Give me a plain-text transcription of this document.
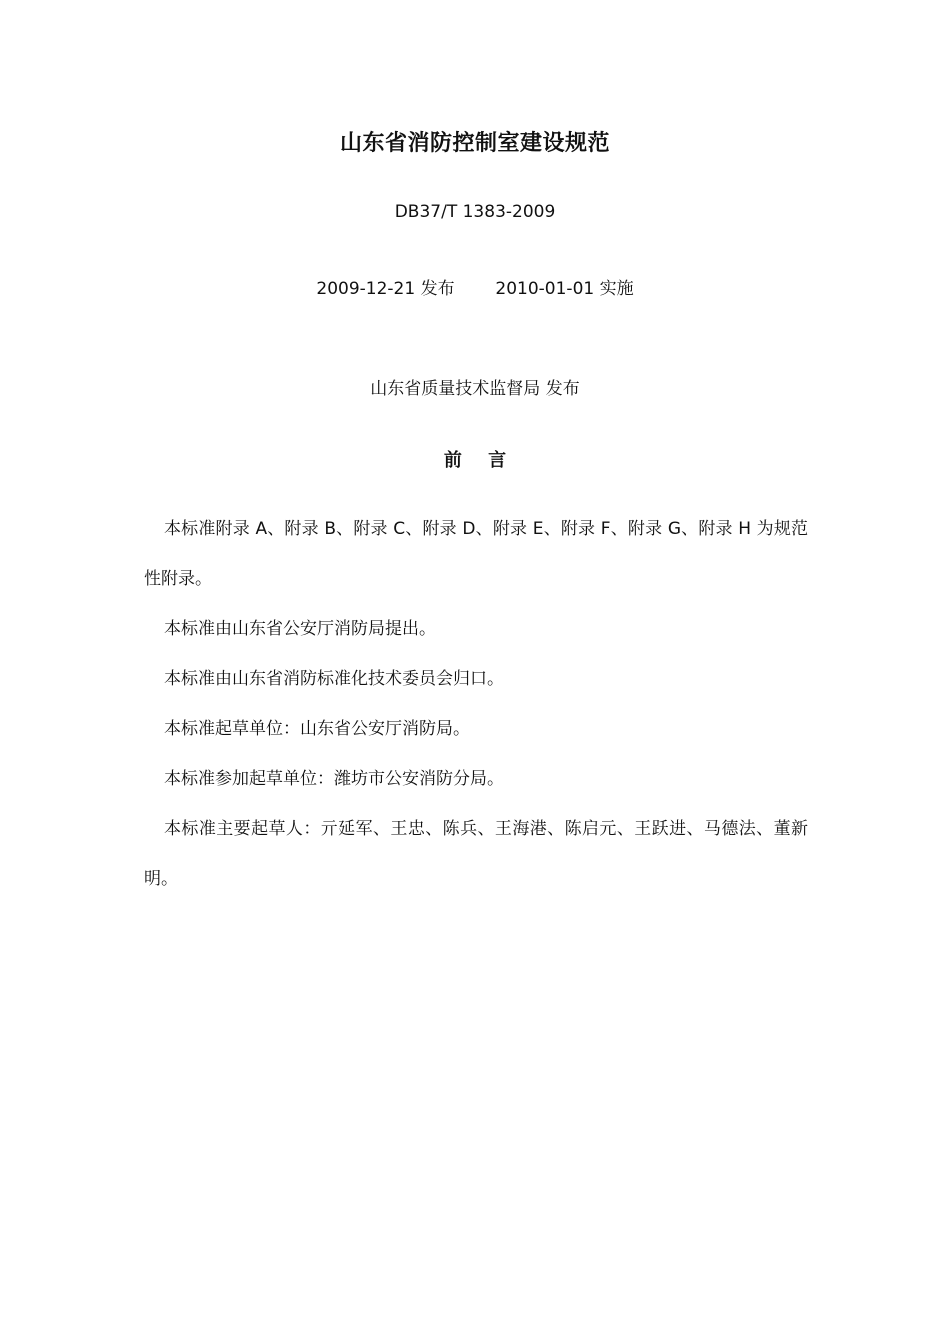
山东省消防控制室建设规范
DB37/T 1383-2009
2009-12-21 发布 2010-01-01 实施
山东省质量技术监督局 发布
前 言

本标准附录 A、附录 B、附录 C、附录 D、附录 E、附录 F、附录 G、附录 H 为规范性附录。

本标准由山东省公安厅消防局提出。

本标准由山东省消防标准化技术委员会归口。

本标准起草单位：山东省公安厅消防局。

本标准参加起草单位：潍坊市公安消防分局。

本标准主要起草人：亓延军、王忠、陈兵、王海港、陈启元、王跃进、马德法、董新明。
